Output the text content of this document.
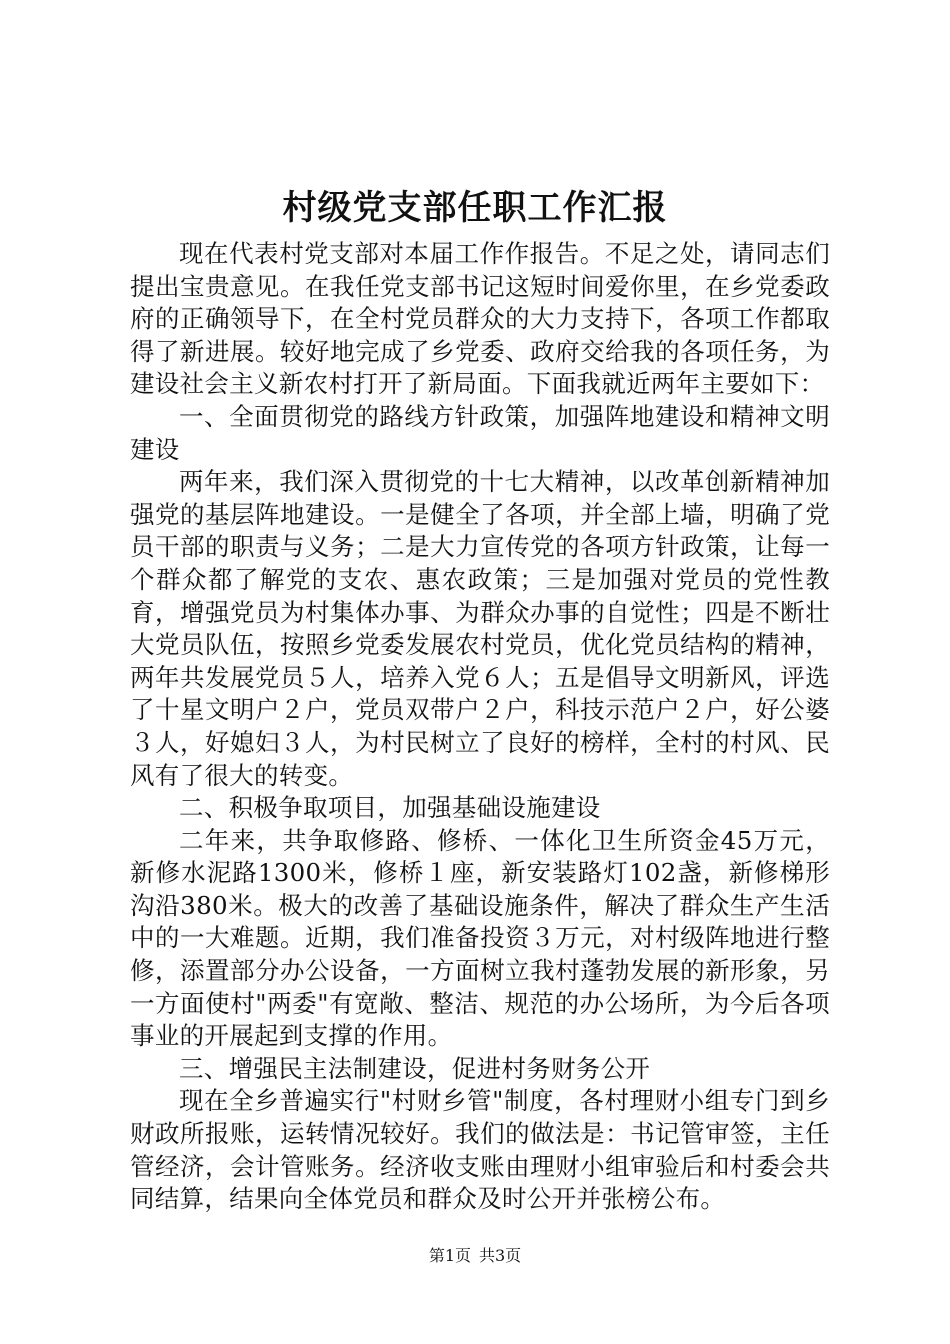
村级党支部任职工作汇报

现在代表村党支部对本届工作作报告。不足之处，请同志们提出宝贵意见。在我任党支部书记这短时间爱你里，在乡党委政府的正确领导下，在全村党员群众的大力支持下，各项工作都取得了新进展。较好地完成了乡党委、政府交给我的各项任务，为建设社会主义新农村打开了新局面。下面我就近两年主要如下：

一、全面贯彻党的路线方针政策，加强阵地建设和精神文明建设

两年来，我们深入贯彻党的十七大精神，以改革创新精神加强党的基层阵地建设。一是健全了各项，并全部上墙，明确了党员干部的职责与义务；二是大力宣传党的各项方针政策，让每一个群众都了解党的支农、惠农政策；三是加强对党员的党性教育，增强党员为村集体办事、为群众办事的自觉性；四是不断壮大党员队伍，按照乡党委发展农村党员，优化党员结构的精神，两年共发展党员５人，培养入党６人；五是倡导文明新风，评选了十星文明户２户，党员双带户２户，科技示范户２户，好公婆３人，好媳妇３人，为村民树立了良好的榜样，全村的村风、民风有了很大的转变。

二、积极争取项目，加强基础设施建设

二年来，共争取修路、修桥、一体化卫生所资金45万元，新修水泥路1300米，修桥１座，新安装路灯102盏，新修梯形沟沿380米。极大的改善了基础设施条件，解决了群众生产生活中的一大难题。近期，我们准备投资３万元，对村级阵地进行整修，添置部分办公设备，一方面树立我村蓬勃发展的新形象，另一方面使村"两委"有宽敞、整洁、规范的办公场所，为今后各项事业的开展起到支撑的作用。

三、增强民主法制建设，促进村务财务公开

现在全乡普遍实行"村财乡管"制度，各村理财小组专门到乡财政所报账，运转情况较好。我们的做法是：书记管审签，主任管经济，会计管账务。经济收支账由理财小组审验后和村委会共同结算，结果向全体党员和群众及时公开并张榜公布。

第1页 共3页
